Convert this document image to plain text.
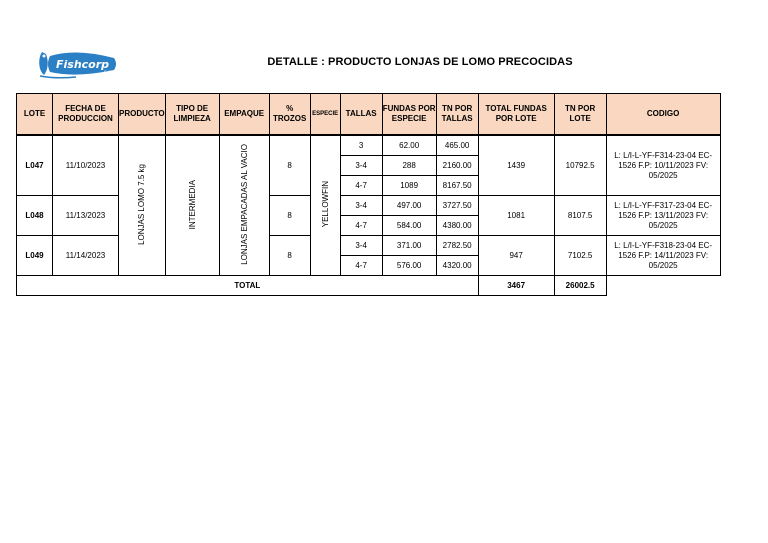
Fishcorp
S.A.
DETALLE : PRODUCTO LONJAS DE LOMO PRECOCIDAS
LOTE	FECHA DE PRODUCCION	PRODUCTO	TIPO DE LIMPIEZA	EMPAQUE	% TROZOS	ESPECIE	TALLAS	FUNDAS POR ESPECIE	TN POR TALLAS	TOTAL FUNDAS POR LOTE	TN POR LOTE	CODIGO
L047	11/10/2023	LONJAS LOMO 7.5 kg	INTERMEDIA	LONJAS EMPACADAS AL VACIO	8	YELLOWFIN	3	62.00	465.00	1439	10792.5	L: L/I-L-YF-F314-23-04 EC-1526 F.P: 10/11/2023 FV: 05/2025
							3-4	288	2160.00			
							4-7	1089	8167.50			
L048	11/13/2023				8		3-4	497.00	3727.50	1081	8107.5	L: L/I-L-YF-F317-23-04 EC-1526 F.P: 13/11/2023 FV: 05/2025
							4-7	584.00	4380.00			
L049	11/14/2023				8		3-4	371.00	2782.50	947	7102.5	L: L/I-L-YF-F318-23-04 EC-1526 F.P: 14/11/2023 FV: 05/2025
							4-7	576.00	4320.00			
TOTAL										3467	26002.5	
